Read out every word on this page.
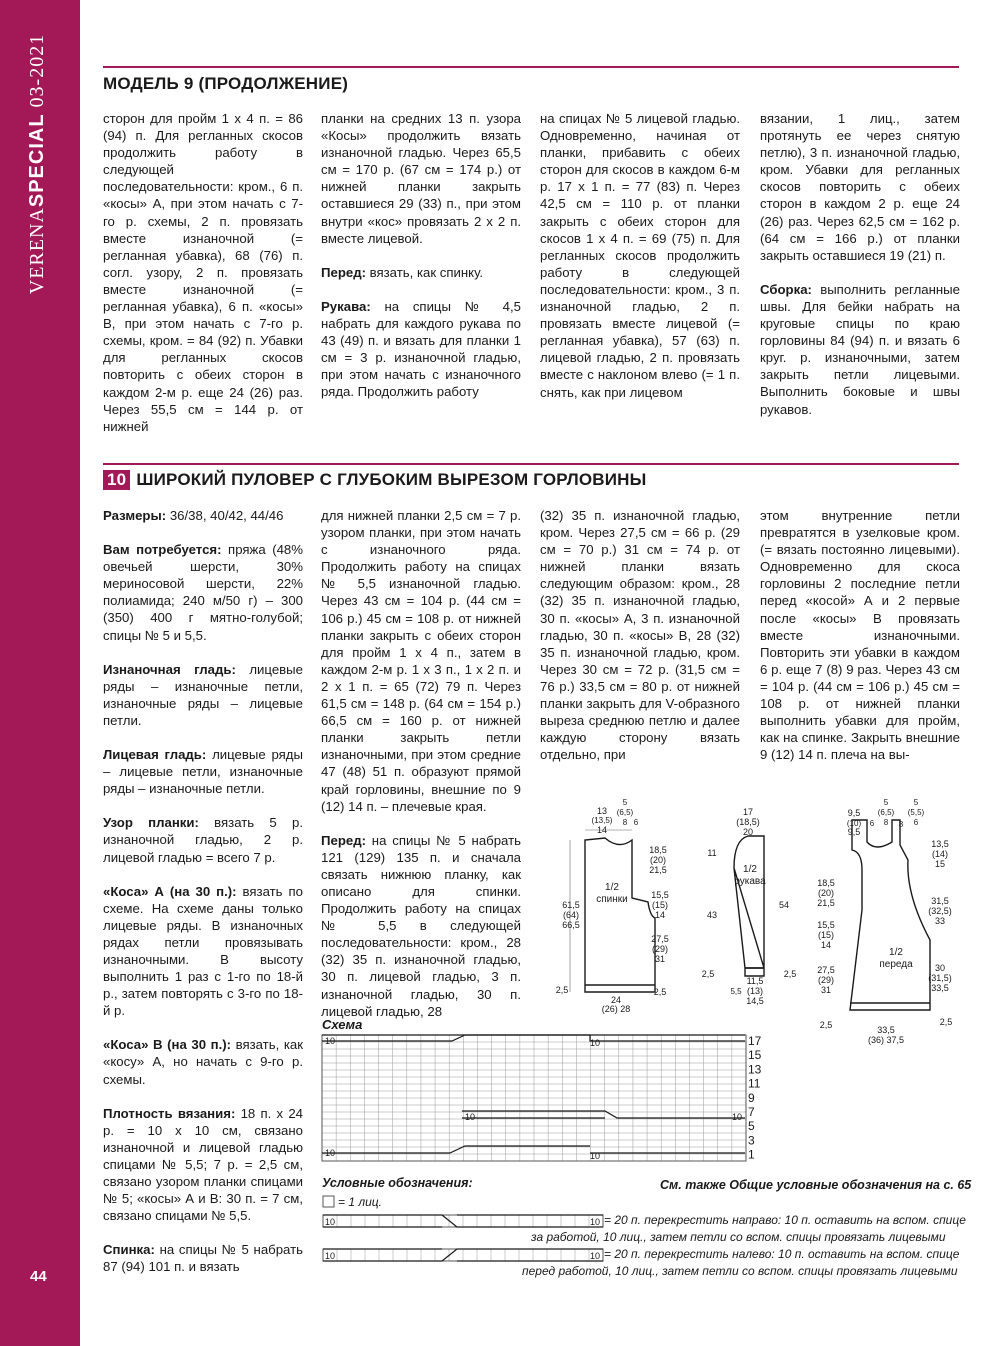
VERENASPECIAL 03-2021
44
МОДЕЛЬ 9 (ПРОДОЛЖЕНИЕ)

сторон для пройм 1 х 4 п. = 86 (94) п. Для регланных скосов продолжить работу в следующей последовательности: кром., 6 п. «косы» А, при этом начать с 7-го р. схемы, 2 п. провязать вместе изнаночной (= регланная убавка), 68 (76) п. согл. узору, 2 п. провязать вместе изнаночной (= регланная убавка), 6 п. «косы» В, при этом начать с 7-го р. схемы, кром. = 84 (92) п. Убавки для регланных скосов повторить с обеих сторон в каждом 2-м р. еще 24 (26) раз. Через 55,5 см = 144 р. от нижней

планки на средних 13 п. узора «Косы» продолжить вязать изнаночной гладью. Через 65,5 см = 170 р. (67 см = 174 р.) от нижней планки закрыть оставшиеся 29 (33) п., при этом внутри «кос» провязать 2 х 2 п. вместе лицевой.

Перед: вязать, как спинку.

Рукава: на спицы № 4,5 набрать для каждого рукава по 43 (49) п. и вязать для планки 1 см = 3 р. изнаночной гладью, при этом начать с изнаночного ряда. Продолжить работу

на спицах № 5 лицевой гладью. Одновременно, начиная от планки, прибавить с обеих сторон для скосов в каждом 6-м р. 17 х 1 п. = 77 (83) п. Через 42,5 см = 110 р. от планки закрыть с обеих сторон для скосов 1 х 4 п. = 69 (75) п. Для регланных скосов продолжить работу в следующей последовательности: кром., 3 п. изнаночной гладью, 2 п. провязать вместе лицевой (= регланная убавка), 57 (63) п. лицевой гладью, 2 п. провязать вместе с наклоном влево (= 1 п. снять, как при лицевом

вязании, 1 лиц., затем протянуть ее через снятую петлю), 3 п. изнаночной гладью, кром. Убавки для регланных скосов повторить с обеих сторон в каждом 2 р. еще 24 (26) раз. Через 62,5 см = 162 р. (64 см = 166 р.) от планки закрыть оставшиеся 19 (21) п.

Сборка: выполнить регланные швы. Для бейки набрать на круговые спицы по краю горловины 84 (94) п. и вязать 6 круг. р. изнаночными, затем закрыть петли лицевыми. Выполнить боковые и швы рукавов.

10 ШИРОКИЙ ПУЛОВЕР С ГЛУБОКИМ ВЫРЕЗОМ ГОРЛОВИНЫ

Размеры: 36/38, 40/42, 44/46

Вам потребуется: пряжа (48% овечьей шерсти, 30% мериносовой шерсти, 22% полиамида; 240 м/50 г) – 300 (350) 400 г мятно-голубой; спицы № 5 и 5,5.

Изнаночная гладь: лицевые ряды – изнаночные петли, изнаночные ряды – лицевые петли.

Лицевая гладь: лицевые ряды – лицевые петли, изнаночные ряды – изнаночные петли.

Узор планки: вязать 5 р. изнаночной гладью, 2 р. лицевой гладью = всего 7 р.

«Коса» А (на 30 п.): вязать по схеме. На схеме даны только лицевые ряды. В изнаночных рядах петли провязывать изнаночными. В высоту выполнить 1 раз с 1-го по 18-й р., затем повторять с 3-го по 18-й р.

«Коса» В (на 30 п.): вязать, как «косу» А, но начать с 9-го р. схемы.

Плотность вязания: 18 п. х 24 р. = 10 х 10 см, связано изнаночной и лицевой гладью спицами № 5,5; 7 р. = 2,5 см, связано узором планки спицами № 5; «косы» А и В: 30 п. = 7 см, связано спицами № 5,5.

Спинка: на спицы № 5 набрать 87 (94) 101 п. и вязать

для нижней планки 2,5 см = 7 р. узором планки, при этом начать с изнаночного ряда. Продолжить работу на спицах № 5,5 изнаночной гладью. Через 43 см = 104 р. (44 см = 106 р.) 45 см = 108 р. от нижней планки закрыть с обеих сторон для пройм 1 х 4 п., затем в каждом 2-м р. 1 х 3 п., 1 х 2 п. и 2 х 1 п. = 65 (72) 79 п. Через 61,5 см = 148 р. (64 см = 154 р.) 66,5 см = 160 р. от нижней планки закрыть петли изнаночными, при этом средние 47 (48) 51 п. образуют прямой край горловины, внешние по 9 (12) 14 п. – плечевые края.

Перед: на спицы № 5 набрать 121 (129) 135 п. и сначала связать нижнюю планку, как описано для спинки. Продолжить работу на спицах № 5,5 в следующей последовательности: кром., 28 (32) 35 п. изнаночной гладью, 30 п. лицевой гладью, 3 п. изнаночной гладью, 30 п. лицевой гладью, 28

(32) 35 п. изнаночной гладью, кром. Через 27,5 см = 66 р. (29 см = 70 р.) 31 см = 74 р. от нижней планки вязать следующим образом: кром., 28 (32) 35 п. изнаночной гладью, 30 п. «косы» А, 3 п. изнаночной гладью, 30 п. «косы» В, 28 (32) 35 п. изнаночной гладью, кром. Через 30 см = 72 р. (31,5 см = 76 р.) 33,5 см = 80 р. от нижней планки закрыть для V-образного выреза среднюю петлю и далее каждую сторону вязать отдельно, при

этом внутренние петли превратятся в узелковые кром. (= вязать постоянно лицевыми). Одновременно для скоса горловины 2 последние петли перед «косой» А и 2 первые после «косы» В провязать вместе изнаночными. Повторить эти убавки в каждом 6 р. еще 7 (8) 9 раз. Через 43 см = 104 р. (44 см = 106 р.) 45 см = 108 р. от нижней планки выполнить убавки для пройм, как на спинке. Закрыть внешние 9 (12) 14 п. плеча на вы-

13
(13,5)
14
5
(6,5)
8 6
18,5
(20)
21,5
15,5
(15)
14
27,5
(29)
31
61,5
(64)
66,5
1/2
спинки
2,5	2,5
24
(26) 28
17
(18,5)
20
11
43
54
1/2
рукава
2,5	2,5
11,5
(13)
14,5
5,5
9,5
(10)
9,5
6
5
(6,5)
8 8
5
(5,5)
6
13,5
(14)
15
31,5
(32,5)
33
30
(31,5)
33,5
18,5
(20)
21,5
15,5
(15)
14
27,5
(29)
31
1/2
переда
2,5	2,5
33,5
(36) 37,5
Схема
10	10
10	10
10	10
17
15
13
11
9
7
5
3
1
Условные обозначения:	См. также Общие условные обозначения на с. 65
10	10
10	10
= 1 лиц.
= 20 п. перекрестить направо: 10 п. оставить на вспом. спице
за работой, 10 лиц., затем петли со вспом. спицы провязать лицевыми
= 20 п. перекрестить налево: 10 п. оставить на вспом. спице
перед работой, 10 лиц., затем петли со вспом. спицы провязать лицевыми
